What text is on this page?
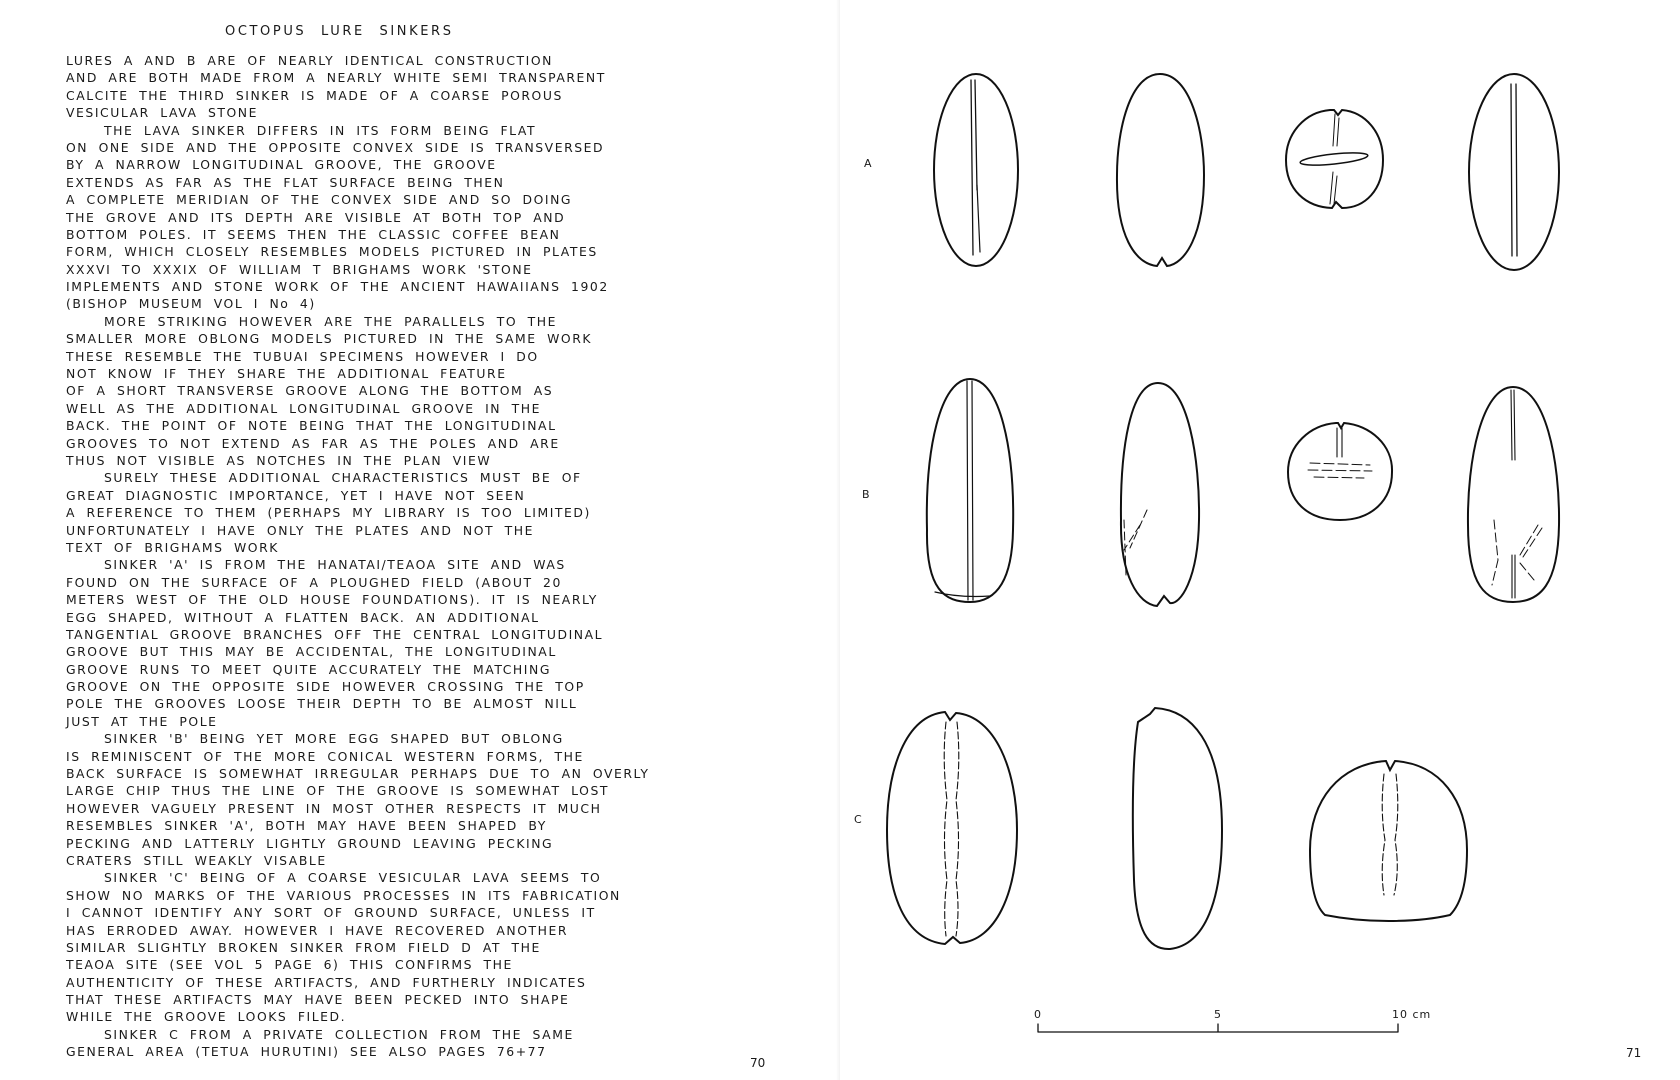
OCTOPUS LURE SINKERS
LURES A AND B ARE OF NEARLY IDENTICAL CONSTRUCTION
AND ARE BOTH MADE FROM A NEARLY WHITE SEMI TRANSPARENT
CALCITE THE THIRD SINKER IS MADE OF A COARSE POROUS
VESICULAR LAVA STONE
THE LAVA SINKER DIFFERS IN ITS FORM BEING FLAT
ON ONE SIDE AND THE OPPOSITE CONVEX SIDE IS TRANSVERSED
BY A NARROW LONGITUDINAL GROOVE, THE GROOVE
EXTENDS AS FAR AS THE FLAT SURFACE BEING THEN
A COMPLETE MERIDIAN OF THE CONVEX SIDE AND SO DOING
THE GROVE AND ITS DEPTH ARE VISIBLE AT BOTH TOP AND
BOTTOM POLES. IT SEEMS THEN THE CLASSIC COFFEE BEAN
FORM, WHICH CLOSELY RESEMBLES MODELS PICTURED IN PLATES
XXXVI TO XXXIX OF WILLIAM T BRIGHAMS WORK 'STONE
IMPLEMENTS AND STONE WORK OF THE ANCIENT HAWAIIANS 1902
(BISHOP MUSEUM VOL I No 4)
MORE STRIKING HOWEVER ARE THE PARALLELS TO THE
SMALLER MORE OBLONG MODELS PICTURED IN THE SAME WORK
THESE RESEMBLE THE TUBUAI SPECIMENS HOWEVER I DO
NOT KNOW IF THEY SHARE THE ADDITIONAL FEATURE
OF A SHORT TRANSVERSE GROOVE ALONG THE BOTTOM AS
WELL AS THE ADDITIONAL LONGITUDINAL GROOVE IN THE
BACK. THE POINT OF NOTE BEING THAT THE LONGITUDINAL
GROOVES TO NOT EXTEND AS FAR AS THE POLES AND ARE
THUS NOT VISIBLE AS NOTCHES IN THE PLAN VIEW
SURELY THESE ADDITIONAL CHARACTERISTICS MUST BE OF
GREAT DIAGNOSTIC IMPORTANCE, YET I HAVE NOT SEEN
A REFERENCE TO THEM (PERHAPS MY LIBRARY IS TOO LIMITED)
UNFORTUNATELY I HAVE ONLY THE PLATES AND NOT THE
TEXT OF BRIGHAMS WORK
SINKER 'A' IS FROM THE HANATAI/TEAOA SITE AND WAS
FOUND ON THE SURFACE OF A PLOUGHED FIELD (ABOUT 20
METERS WEST OF THE OLD HOUSE FOUNDATIONS). IT IS NEARLY
EGG SHAPED, WITHOUT A FLATTEN BACK. AN ADDITIONAL
TANGENTIAL GROOVE BRANCHES OFF THE CENTRAL LONGITUDINAL
GROOVE BUT THIS MAY BE ACCIDENTAL, THE LONGITUDINAL
GROOVE RUNS TO MEET QUITE ACCURATELY THE MATCHING
GROOVE ON THE OPPOSITE SIDE HOWEVER CROSSING THE TOP
POLE THE GROOVES LOOSE THEIR DEPTH TO BE ALMOST NILL
JUST AT THE POLE
SINKER 'B' BEING YET MORE EGG SHAPED BUT OBLONG
IS REMINISCENT OF THE MORE CONICAL WESTERN FORMS, THE
BACK SURFACE IS SOMEWHAT IRREGULAR PERHAPS DUE TO AN OVERLY
LARGE CHIP THUS THE LINE OF THE GROOVE IS SOMEWHAT LOST
HOWEVER VAGUELY PRESENT IN MOST OTHER RESPECTS IT MUCH
RESEMBLES SINKER 'A', BOTH MAY HAVE BEEN SHAPED BY
PECKING AND LATTERLY LIGHTLY GROUND LEAVING PECKING
CRATERS STILL WEAKLY VISABLE
SINKER 'C' BEING OF A COARSE VESICULAR LAVA SEEMS TO
SHOW NO MARKS OF THE VARIOUS PROCESSES IN ITS FABRICATION
I CANNOT IDENTIFY ANY SORT OF GROUND SURFACE, UNLESS IT
HAS ERRODED AWAY. HOWEVER I HAVE RECOVERED ANOTHER
SIMILAR SLIGHTLY BROKEN SINKER FROM FIELD D AT THE
TEAOA SITE (SEE VOL 5 PAGE 6) THIS CONFIRMS THE
AUTHENTICITY OF THESE ARTIFACTS, AND FURTHERLY INDICATES
THAT THESE ARTIFACTS MAY HAVE BEEN PECKED INTO SHAPE
WHILE THE GROOVE LOOKS FILED.
SINKER C FROM A PRIVATE COLLECTION FROM THE SAME
GENERAL AREA (TETUA HURUTINI) SEE ALSO PAGES 76+77
70
A
B
C
0	5	10 cm
71
